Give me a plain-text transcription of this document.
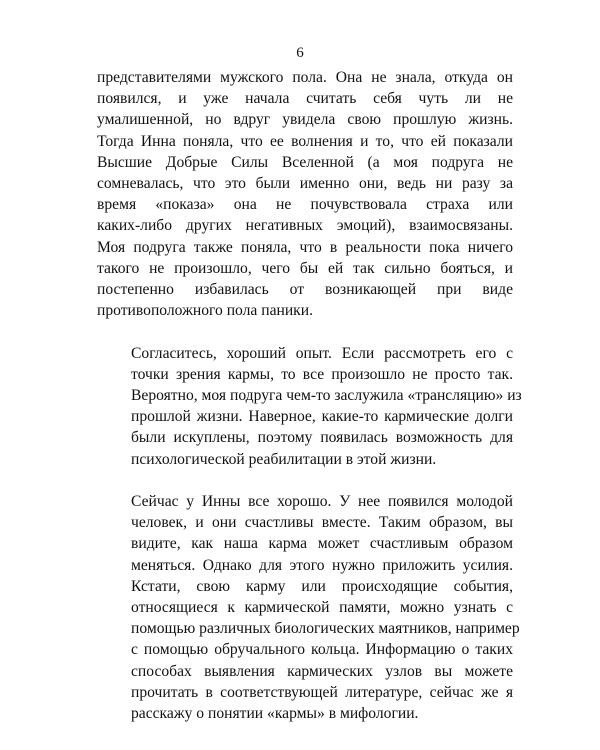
6

представителями мужского пола. Она не знала, откуда он
появился, и уже начала считать себя чуть ли не
умалишенной, но вдруг увидела свою прошлую жизнь.
Тогда Инна поняла, что ее волнения и то, что ей показали
Высшие Добрые Силы Вселенной (а моя подруга не
сомневалась, что это были именно они, ведь ни разу за
время «показа» она не почувствовала страха или
каких-либо других негативных эмоций), взаимосвязаны.
Моя подруга также поняла, что в реальности пока ничего
такого не произошло, чего бы ей так сильно бояться, и
постепенно избавилась от возникающей при виде
противоположного пола паники.

Согласитесь, хороший опыт. Если рассмотреть его с
точки зрения кармы, то все произошло не просто так.
Вероятно, моя подруга чем-то заслужила «трансляцию» из
прошлой жизни. Наверное, какие-то кармические долги
были искуплены, поэтому появилась возможность для
психологической реабилитации в этой жизни.

Сейчас у Инны все хорошо. У нее появился молодой
человек, и они счастливы вместе. Таким образом, вы
видите, как наша карма может счастливым образом
меняться. Однако для этого нужно приложить усилия.
Кстати, свою карму или происходящие события,
относящиеся к кармической памяти, можно узнать с
помощью различных биологических маятников, например
с помощью обручального кольца. Информацию о таких
способах выявления кармических узлов вы можете
прочитать в соответствующей литературе, сейчас же я
расскажу о понятии «кармы» в мифологии.
